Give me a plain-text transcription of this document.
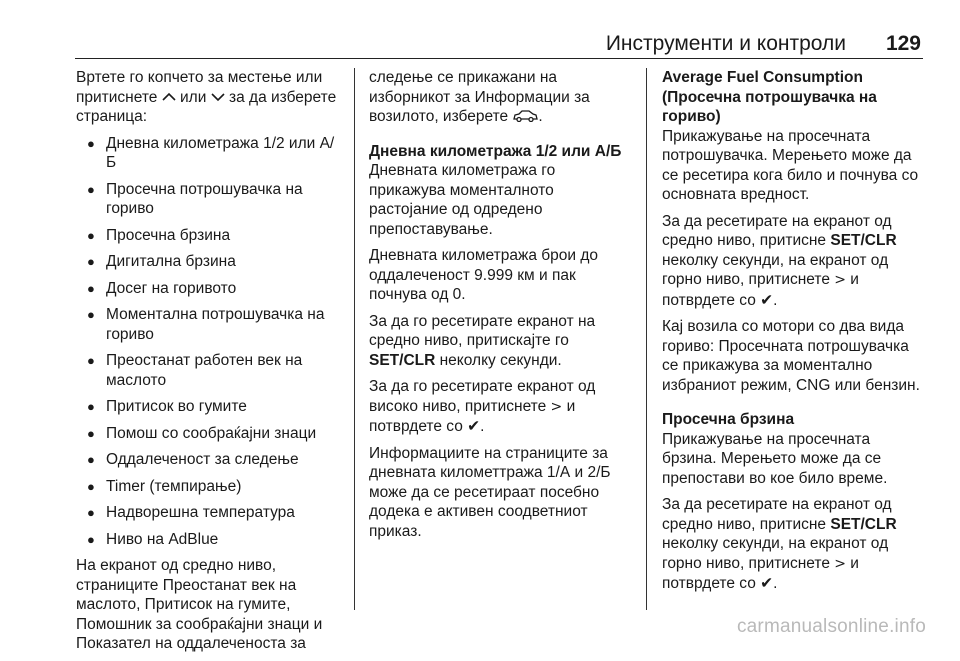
Инструменти и контроли 129

Вртете го копчето за местење или притиснете  или  за да изберете страница:

● Дневна километража 1/2 или А/Б
● Просечна потрошувачка на гориво
● Просечна брзина
● Дигитална брзина
● Досег на горивото
● Моментална потрошувачка на гориво
● Преостанат работен век на маслото
● Притисок во гумите
● Помош со сообраќајни знаци
● Оддалеченост за следење
● Timer (темпирање)
● Надворешна температура
● Ниво на AdBlue

На екранот од средно ниво, страниците Преостанат век на маслото, Притисок на гумите, Помошник за сообраќајни знаци и Показател на оддалеченоста за

следење се прикажани на изборникот за Информации за возилото, изберете .

Дневна километража 1/2 или А/Б

Дневната километража го прикажува моменталното растојание од одредено препоставување.

Дневната километража брои до оддалеченост 9.999 км и пак почнува од 0.

За да го ресетирате екранот на средно ниво, притискајте го SET/CLR неколку секунди.

За да го ресетирате екранот од високо ниво, притиснете > и потврдете со ✔.

Информациите на страниците за дневната километтража 1/А и 2/Б може да се ресетираат посебно додека е активен соодветниот приказ.

Average Fuel Consumption (Просечна потрошувачка на гориво)

Прикажување на просечната потрошувачка. Мерењето може да се ресетира кога било и почнува со основната вредност.

За да ресетирате на екранот од средно ниво, притисне SET/CLR неколку секунди, на екранот од горно ниво, притиснете > и потврдете со ✔.

Кај возила со мотори со два вида гориво: Просечната потрошувачка се прикажува за моментално избраниот режим, CNG или бензин.

Просечна брзина

Прикажување на просечната брзина. Мерењето може да се препостави во кое било време.

За да ресетирате на екранот од средно ниво, притисне SET/CLR неколку секунди, на екранот од горно ниво, притиснете > и потврдете со ✔.

carmanualsonline.info
